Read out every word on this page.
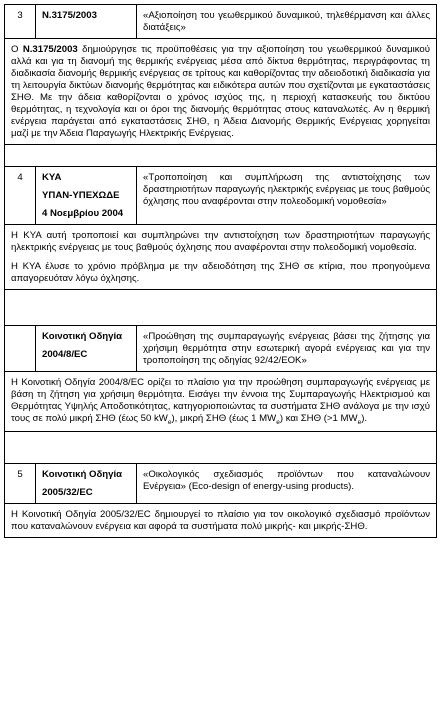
3	N.3175/2003	«Αξιοποίηση του γεωθερμικού δυναμικού, τηλεθέρμανση και άλλες διατάξεις»

Ο N.3175/2003 δημιούργησε τις προϋποθέσεις για την αξιοποίηση του γεωθερμικού δυναμικού αλλά και για τη διανομή της θερμικής ενέργειας μέσα από δίκτυα θερμότητας, περιγράφοντας τη διαδικασία διανομής θερμικής ενέργειας σε τρίτους και καθορίζοντας την αδειοδοτική διαδικασία για τη λειτουργία δικτύων διανομής θερμότητας και ειδικότερα αυτών που σχετίζονται με εγκαταστάσεις ΣΗΘ. Με την άδεια καθορίζονται ο χρόνος ισχύος της, η περιοχή κατασκευής του δικτύου θερμότητας, η τεχνολογία και οι όροι της διανομής θερμότητας στους καταναλωτές. Αν η θερμική ενέργεια παράγεται από εγκαταστάσεις ΣΗΘ, η Άδεια Διανομής Θερμικής Ενέργειας χορηγείται μαζί με την Άδεια Παραγωγής Ηλεκτρικής Ενέργειας.		

4	ΚΥΑ
ΥΠΑΝ-ΥΠΕΧΩΔΕ
4 Νοεμβρίου 2004	«Τροποποίηση και συμπλήρωση της αντιστοίχησης των δραστηριοτήτων παραγωγής ηλεκτρικής ενέργειας με τους βαθμούς όχλησης που αναφέρονται στην πολεοδομική νομοθεσία»

Η ΚΥΑ αυτή τροποποιεί και συμπληρώνει την αντιστοίχηση των δραστηριοτήτων παραγωγής ηλεκτρικής ενέργειας με τους βαθμούς όχλησης που αναφέρονται στην πολεοδομική νομοθεσία.

Η ΚΥΑ έλυσε το χρόνιο πρόβλημα με την αδειοδότηση της ΣΗΘ σε κτίρια, που προηγούμενα απαγορευόταν λόγω όχλησης.		

	Κοινοτική Οδηγία
2004/8/EC	«Προώθηση της συμπαραγωγής ενέργειας βάσει της ζήτησης για χρήσιμη θερμότητα στην εσωτερική αγορά ενέργειας και για την τροποποίηση της οδηγίας 92/42/ΕΟΚ»

Η Κοινοτική Οδηγία 2004/8/EC ορίζει το πλαίσιο για την προώθηση συμπαραγωγής ενέργειας με βάση τη ζήτηση για χρήσιμη θερμότητα. Εισάγει την έννοια της Συμπαραγωγής Ηλεκτρισμού και Θερμότητας Υψηλής Αποδοτικότητας, κατηγοριοποιώντας τα συστήματα ΣΗΘ ανάλογα με την ισχύ τους σε πολύ μικρή ΣΗΘ (έως 50 $kW_e$), μικρή ΣΗΘ (έως 1 $MW_e$) και ΣΗΘ (>1 $MW_e$).		

5	Κοινοτική Οδηγία
2005/32/EC	«Οικολογικός σχεδιασμός προϊόντων που καταναλώνουν Ενέργεια» (Eco-design of energy-using products).

Η Κοινοτική Οδηγία 2005/32/EC δημιουργεί το πλαίσιο για τον οικολογικό σχεδιασμό προϊόντων που καταναλώνουν ενέργεια και αφορά τα συστήματα πολύ μικρής- και μικρής-ΣΗΘ.		
